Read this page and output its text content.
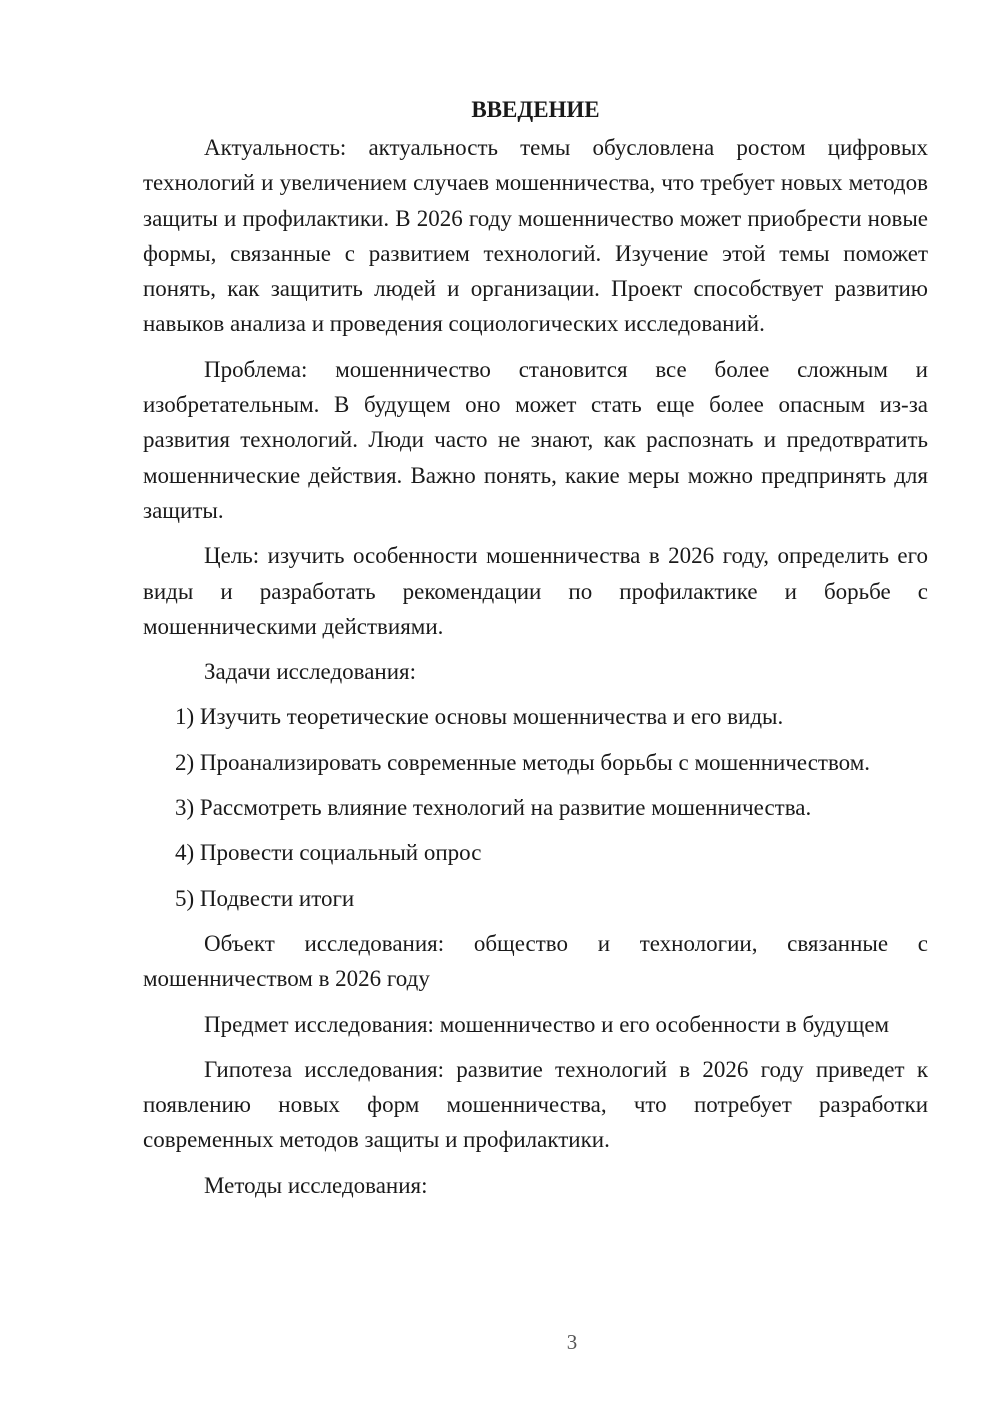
ВВЕДЕНИЕ

Актуальность: актуальность темы обусловлена ростом цифровых технологий и увеличением случаев мошенничества, что требует новых методов защиты и профилактики. В 2026 году мошенничество может приобрести новые формы, связанные с развитием технологий. Изучение этой темы поможет понять, как защитить людей и организации. Проект способствует развитию навыков анализа и проведения социологических исследований.

Проблема: мошенничество становится все более сложным и изобретательным. В будущем оно может стать еще более опасным из-за развития технологий. Люди часто не знают, как распознать и предотвратить мошеннические действия. Важно понять, какие меры можно предпринять для защиты.

Цель: изучить особенности мошенничества в 2026 году, определить его виды и разработать рекомендации по профилактике и борьбе с мошенническими действиями.

Задачи исследования:

1) Изучить теоретические основы мошенничества и его виды.

2) Проанализировать современные методы борьбы с мошенничеством.

3) Рассмотреть влияние технологий на развитие мошенничества.

4) Провести социальный опрос

5) Подвести итоги

Объект исследования: общество и технологии, связанные с мошенничеством в 2026 году

Предмет исследования: мошенничество и его особенности в будущем

Гипотеза исследования: развитие технологий в 2026 году приведет к появлению новых форм мошенничества, что потребует разработки современных методов защиты и профилактики.

Методы исследования:

3
